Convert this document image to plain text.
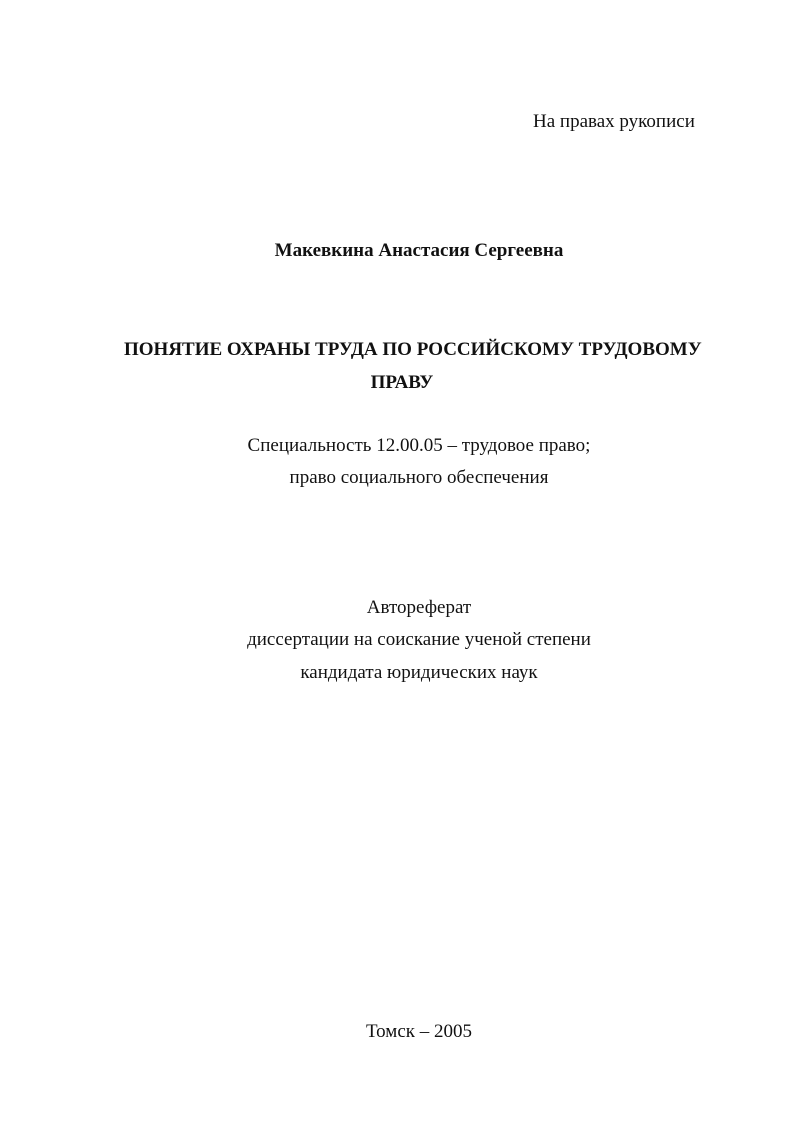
На правах рукописи
Макевкина Анастасия Сергеевна
ПОНЯТИЕ ОХРАНЫ ТРУДА ПО РОССИЙСКОМУ ТРУДОВОМУ
ПРАВУ
Специальность 12.00.05 – трудовое право;
право социального обеспечения
Автореферат
диссертации на соискание ученой степени
кандидата юридических наук
Томск – 2005
